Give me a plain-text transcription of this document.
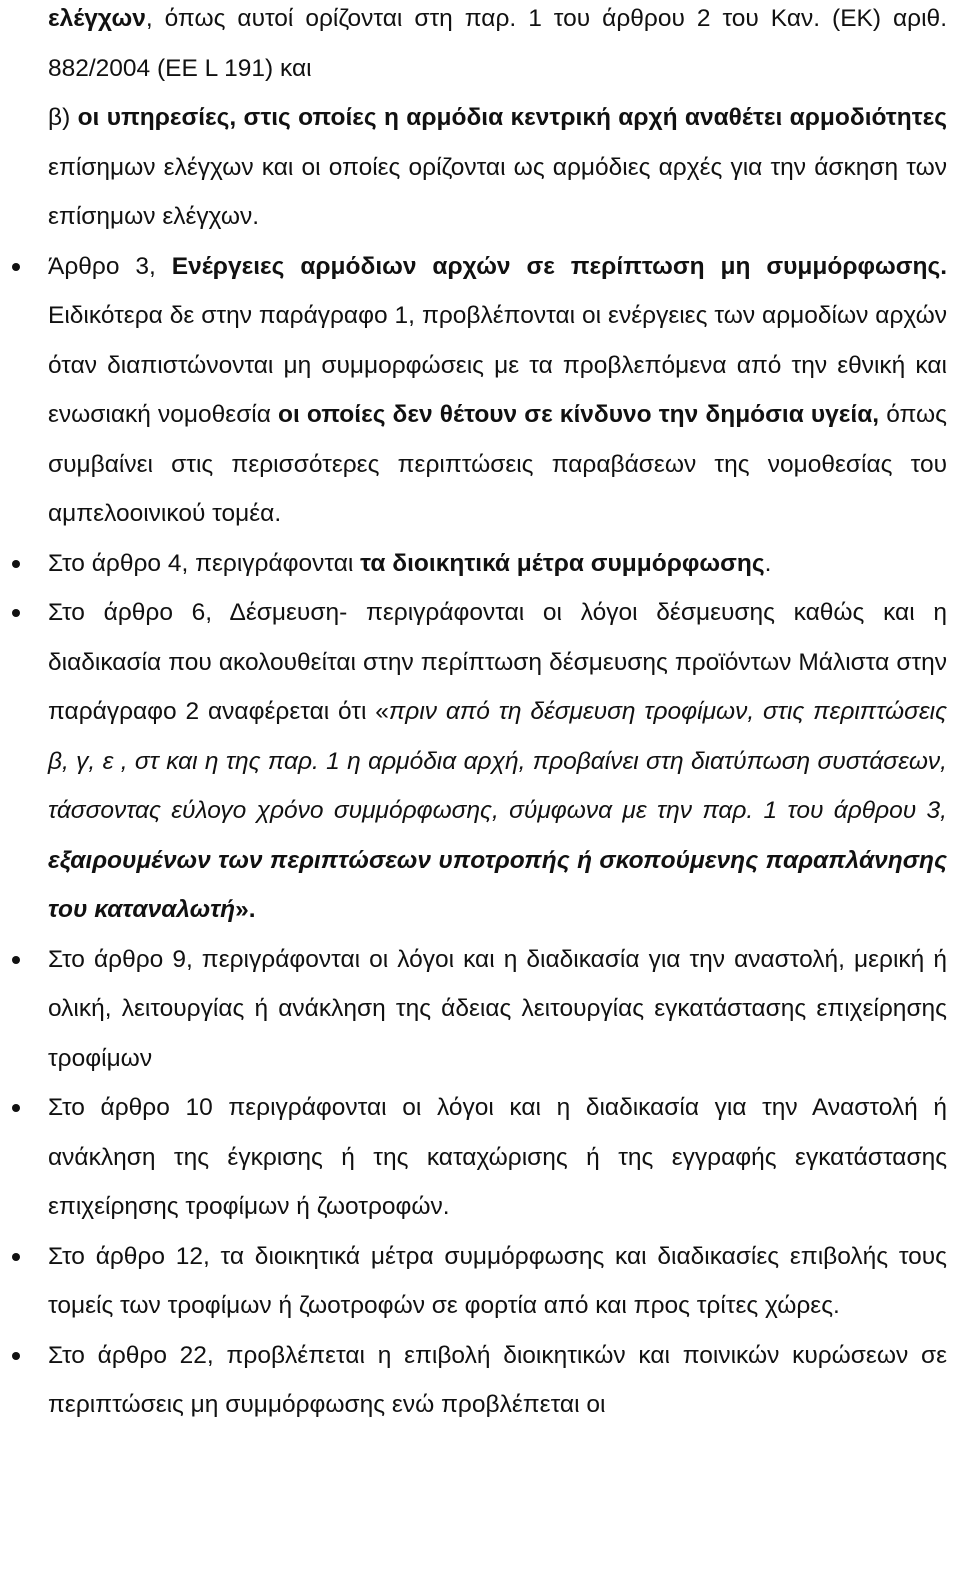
ελέγχων, όπως αυτοί ορίζονται στη παρ. 1 του άρθρου 2 του Καν. (ΕΚ) αριθ. 882/2004 (ΕΕ L 191) και

β) οι υπηρεσίες, στις οποίες η αρμόδια κεντρική αρχή αναθέτει αρμοδιότητες επίσημων ελέγχων και οι οποίες ορίζονται ως αρμόδιες αρχές για την άσκηση των επίσημων ελέγχων.

Άρθρο 3, Ενέργειες αρμόδιων αρχών σε περίπτωση μη συμμόρφωσης. Ειδικότερα δε στην παράγραφο 1, προβλέπονται οι ενέργειες των αρμοδίων αρχών όταν διαπιστώνονται μη συμμορφώσεις με τα προβλεπόμενα από την εθνική και ενωσιακή νομοθεσία οι οποίες δεν θέτουν σε κίνδυνο την δημόσια υγεία, όπως συμβαίνει στις περισσότερες περιπτώσεις παραβάσεων της νομοθεσίας του αμπελοοινικού τομέα.
Στο άρθρο 4, περιγράφονται τα διοικητικά μέτρα συμμόρφωσης.
Στο άρθρο 6, Δέσμευση- περιγράφονται οι λόγοι δέσμευσης καθώς και η διαδικασία που ακολουθείται στην περίπτωση δέσμευσης προϊόντων Μάλιστα στην παράγραφο 2 αναφέρεται ότι «πριν από τη δέσμευση τροφίμων, στις περιπτώσεις β, γ, ε , στ και η της παρ. 1 η αρμόδια αρχή, προβαίνει στη διατύπωση συστάσεων, τάσσοντας εύλογο χρόνο συμμόρφωσης, σύμφωνα με την παρ. 1 του άρθρου 3, εξαιρουμένων των περιπτώσεων υποτροπής ή σκοπούμενης παραπλάνησης του καταναλωτή».
Στο άρθρο 9, περιγράφονται οι λόγοι και η διαδικασία για την αναστολή, μερική ή ολική, λειτουργίας ή ανάκληση της άδειας λειτουργίας εγκατάστασης επιχείρησης τροφίμων
Στο άρθρο 10 περιγράφονται οι λόγοι και η διαδικασία για την Αναστολή ή ανάκληση της έγκρισης ή της καταχώρισης ή της εγγραφής εγκατάστασης επιχείρησης τροφίμων ή ζωοτροφών.
Στο άρθρο 12, τα διοικητικά μέτρα συμμόρφωσης και διαδικασίες επιβολής τους τομείς των τροφίμων ή ζωοτροφών σε φορτία από και προς τρίτες χώρες.
Στο άρθρο 22, προβλέπεται η επιβολή διοικητικών και ποινικών κυρώσεων σε περιπτώσεις μη συμμόρφωσης ενώ προβλέπεται οι
